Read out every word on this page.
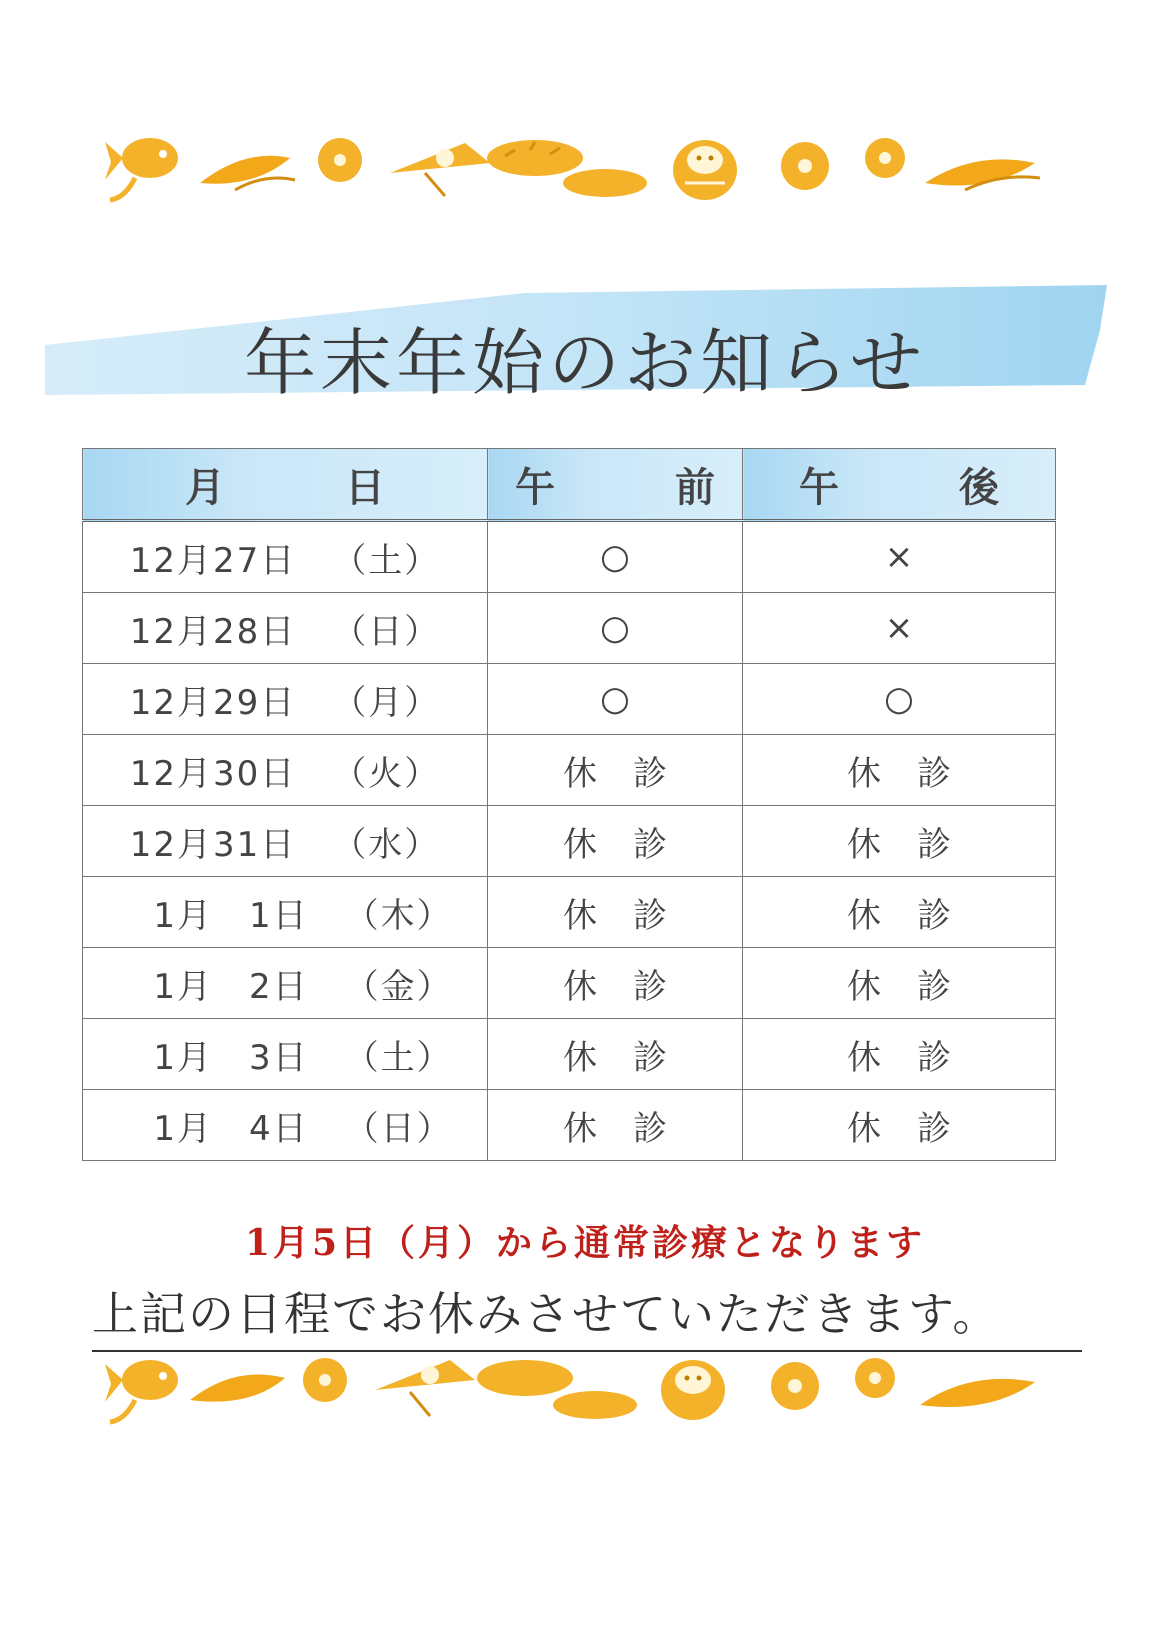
年末年始のお知らせ
月　日	午　前	午　後
12月27日 （土）	○	×
12月28日 （日）	○	×
12月29日 （月）	○	○
12月30日 （火）	休診	休診
12月31日 （水）	休診	休診
　1月　1日 （木）	休診	休診
　1月　2日 （金）	休診	休診
　1月　3日 （土）	休診	休診
　1月　4日 （日）	休診	休診
1月5日（月）から通常診療となります
上記の日程でお休みさせていただきます。
